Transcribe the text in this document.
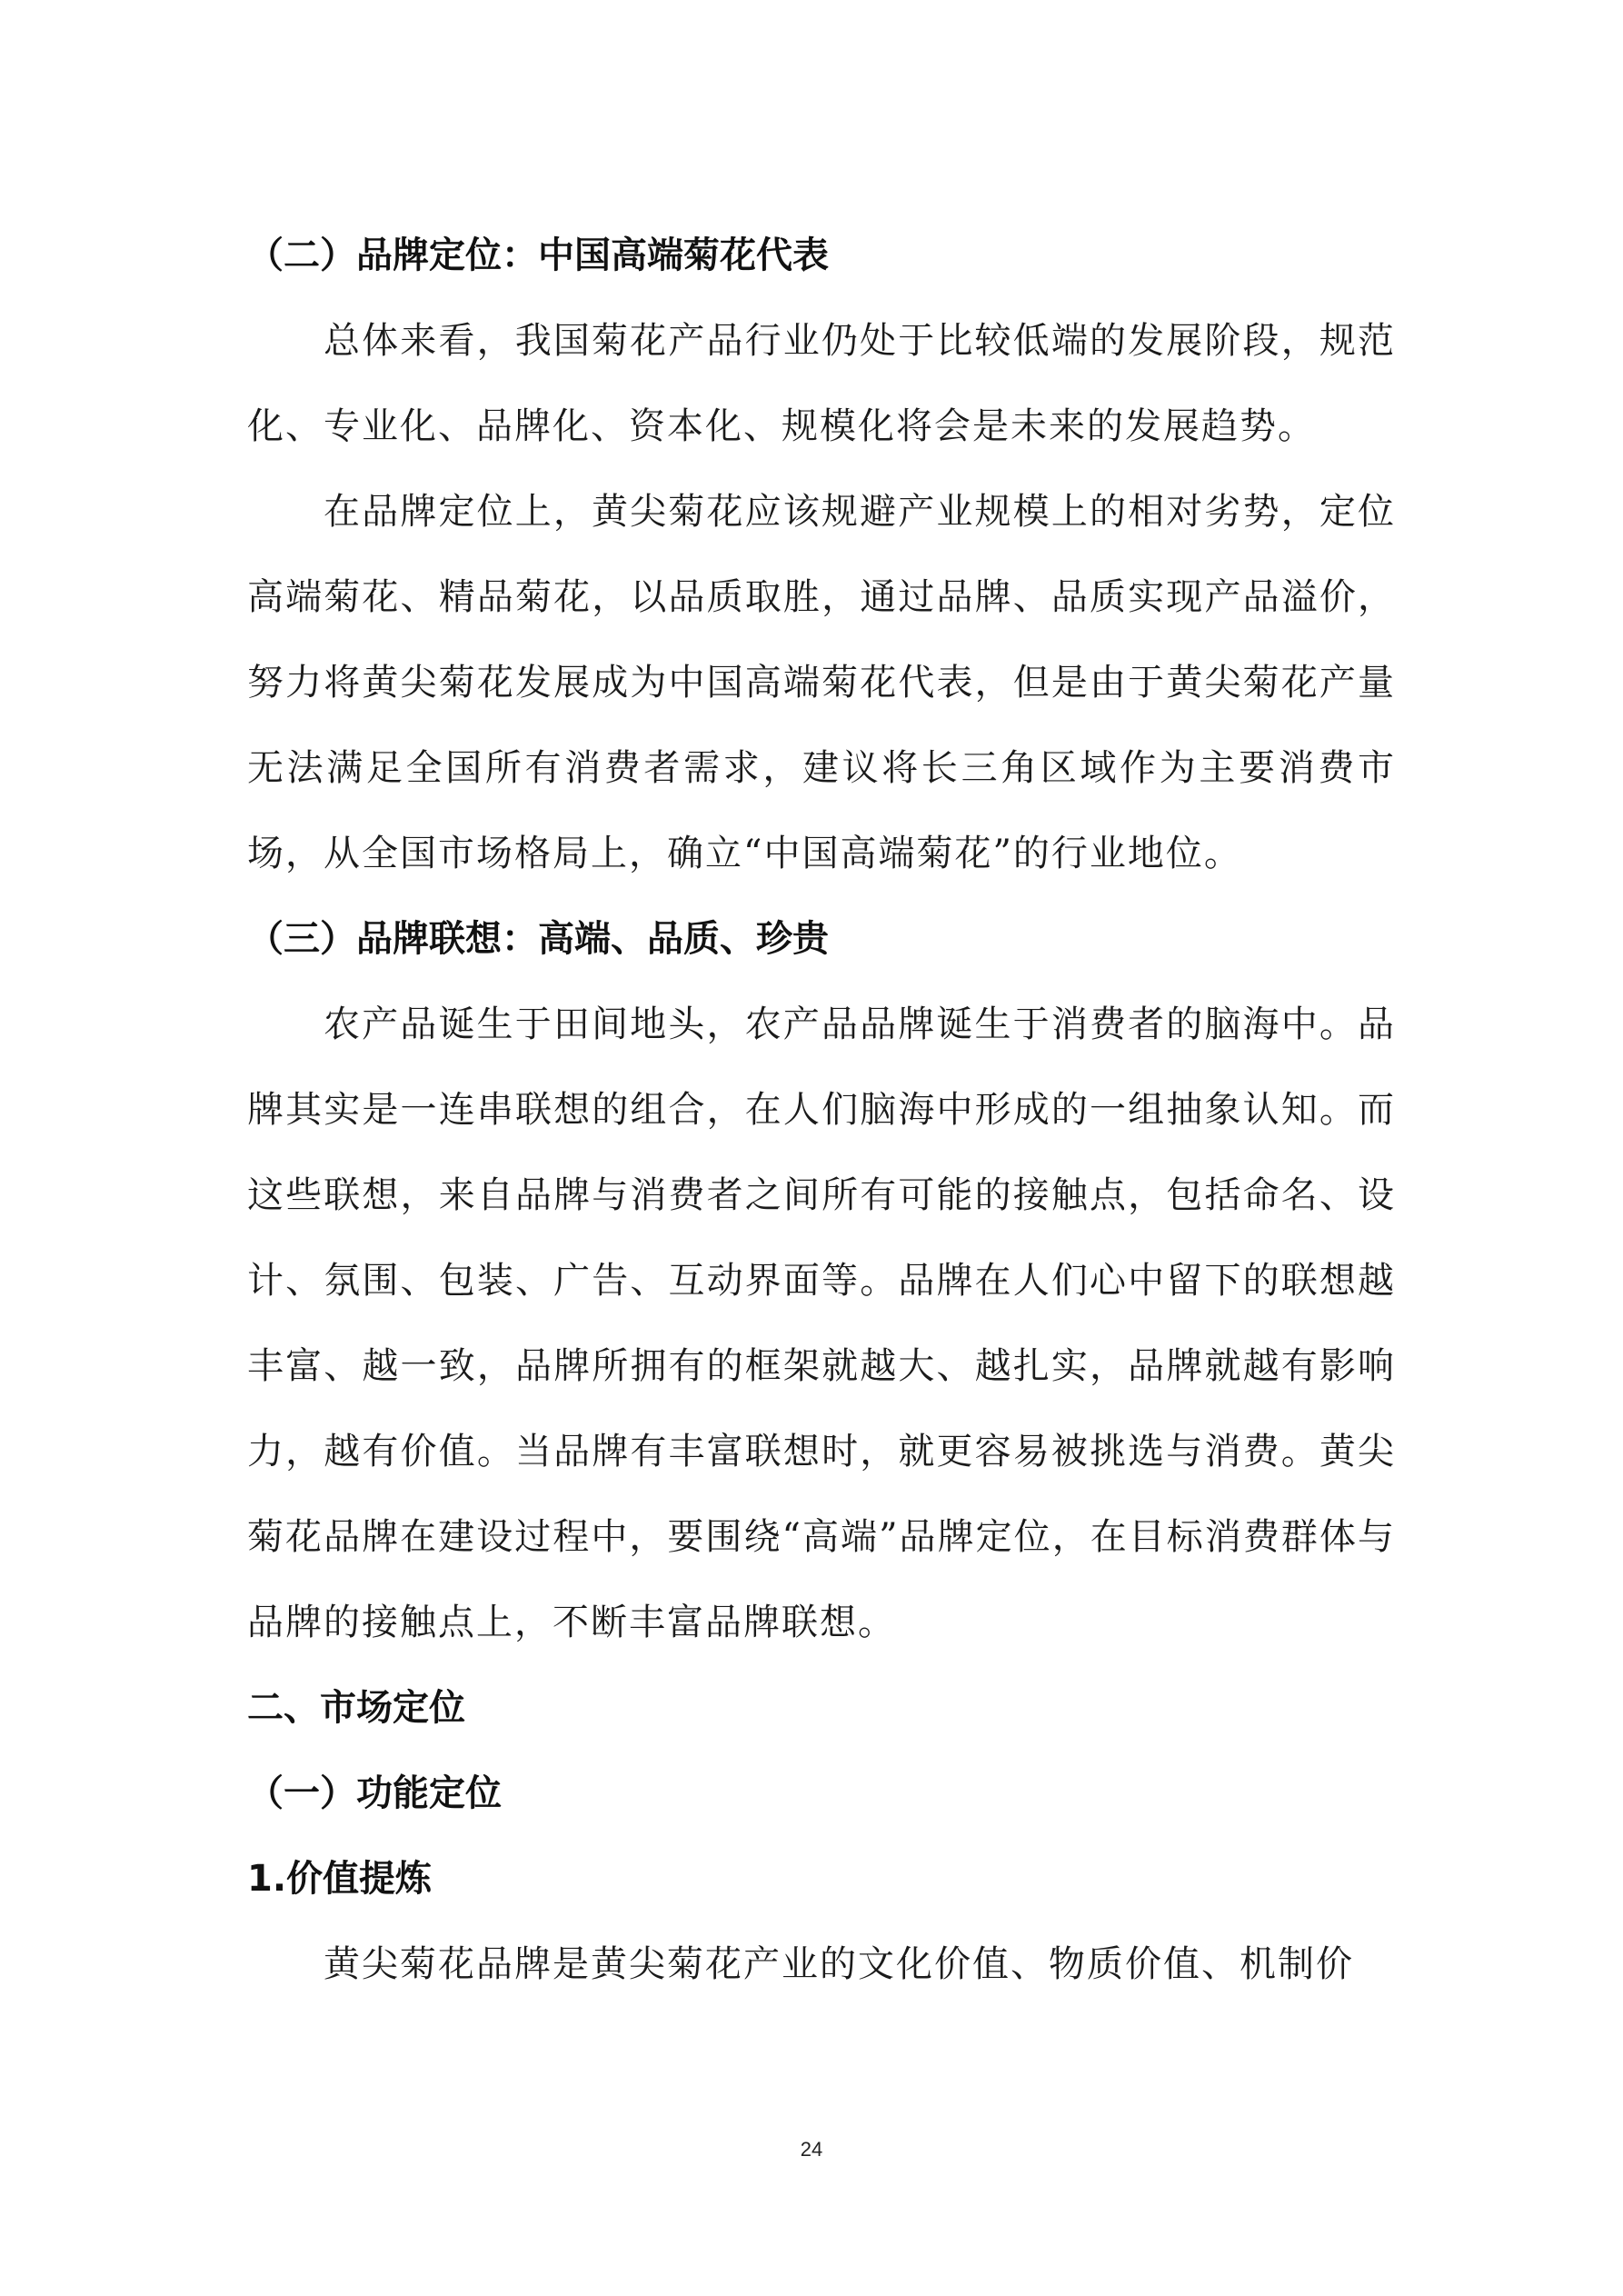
（二）品牌定位：中国高端菊花代表

总体来看，我国菊花产品行业仍处于比较低端的发展阶段，规范化、专业化、品牌化、资本化、规模化将会是未来的发展趋势。

在品牌定位上，黄尖菊花应该规避产业规模上的相对劣势，定位高端菊花、精品菊花，以品质取胜，通过品牌、品质实现产品溢价，努力将黄尖菊花发展成为中国高端菊花代表，但是由于黄尖菊花产量无法满足全国所有消费者需求，建议将长三角区域作为主要消费市场，从全国市场格局上，确立“中国高端菊花”的行业地位。

（三）品牌联想：高端、品质、珍贵

农产品诞生于田间地头，农产品品牌诞生于消费者的脑海中。品牌其实是一连串联想的组合，在人们脑海中形成的一组抽象认知。而这些联想，来自品牌与消费者之间所有可能的接触点，包括命名、设计、氛围、包装、广告、互动界面等。品牌在人们心中留下的联想越丰富、越一致，品牌所拥有的框架就越大、越扎实，品牌就越有影响力，越有价值。当品牌有丰富联想时，就更容易被挑选与消费。黄尖菊花品牌在建设过程中，要围绕“高端”品牌定位，在目标消费群体与品牌的接触点上，不断丰富品牌联想。

二、市场定位
（一）功能定位
1.价值提炼

黄尖菊花品牌是黄尖菊花产业的文化价值、物质价值、机制价

24
